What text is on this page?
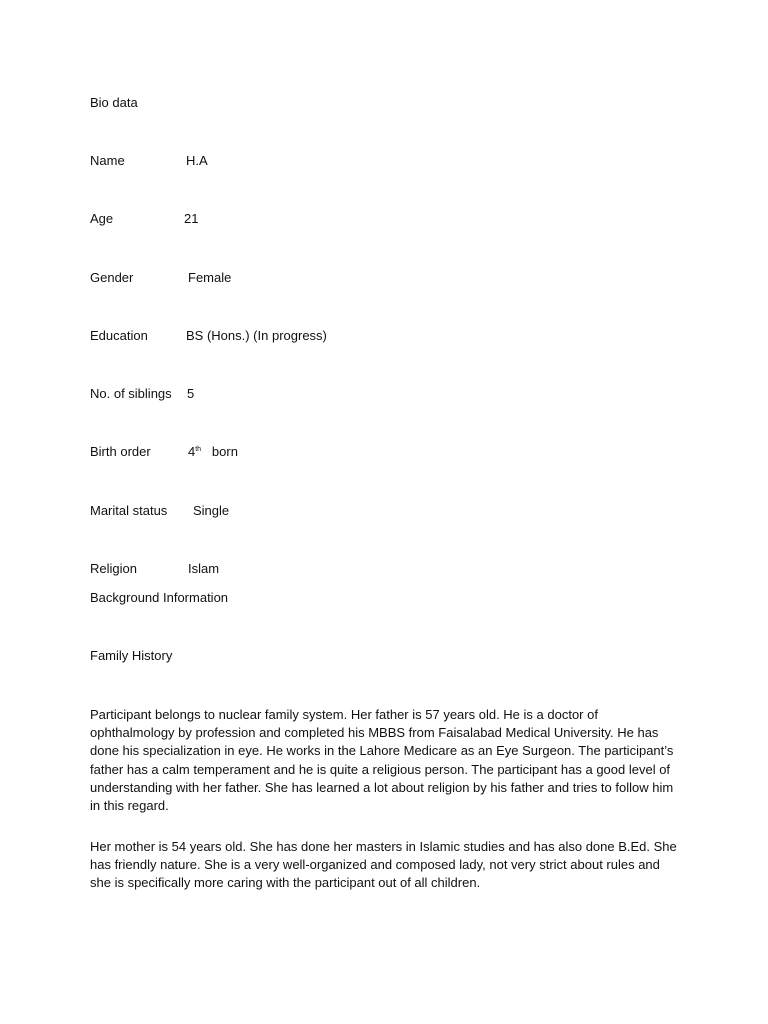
Bio data
Name	H.A
Age	21
Gender	Female
Education	BS (Hons.) (In progress)
No. of siblings 5
Birth order	4th born
Marital status Single
Religion	Islam
Background Information
Family History

Participant belongs to nuclear family system. Her father is 57 years old. He is a doctor of ophthalmology by profession and completed his MBBS from Faisalabad Medical University. He has done his specialization in eye. He works in the Lahore Medicare as an Eye Surgeon. The participant’s father has a calm temperament and he is quite a religious person. The participant has a good level of understanding with her father. She has learned a lot about religion by his father and tries to follow him in this regard.

Her mother is 54 years old. She has done her masters in Islamic studies and has also done B.Ed. She has friendly nature. She is a very well-organized and composed lady, not very strict about rules and she is specifically more caring with the participant out of all children.
